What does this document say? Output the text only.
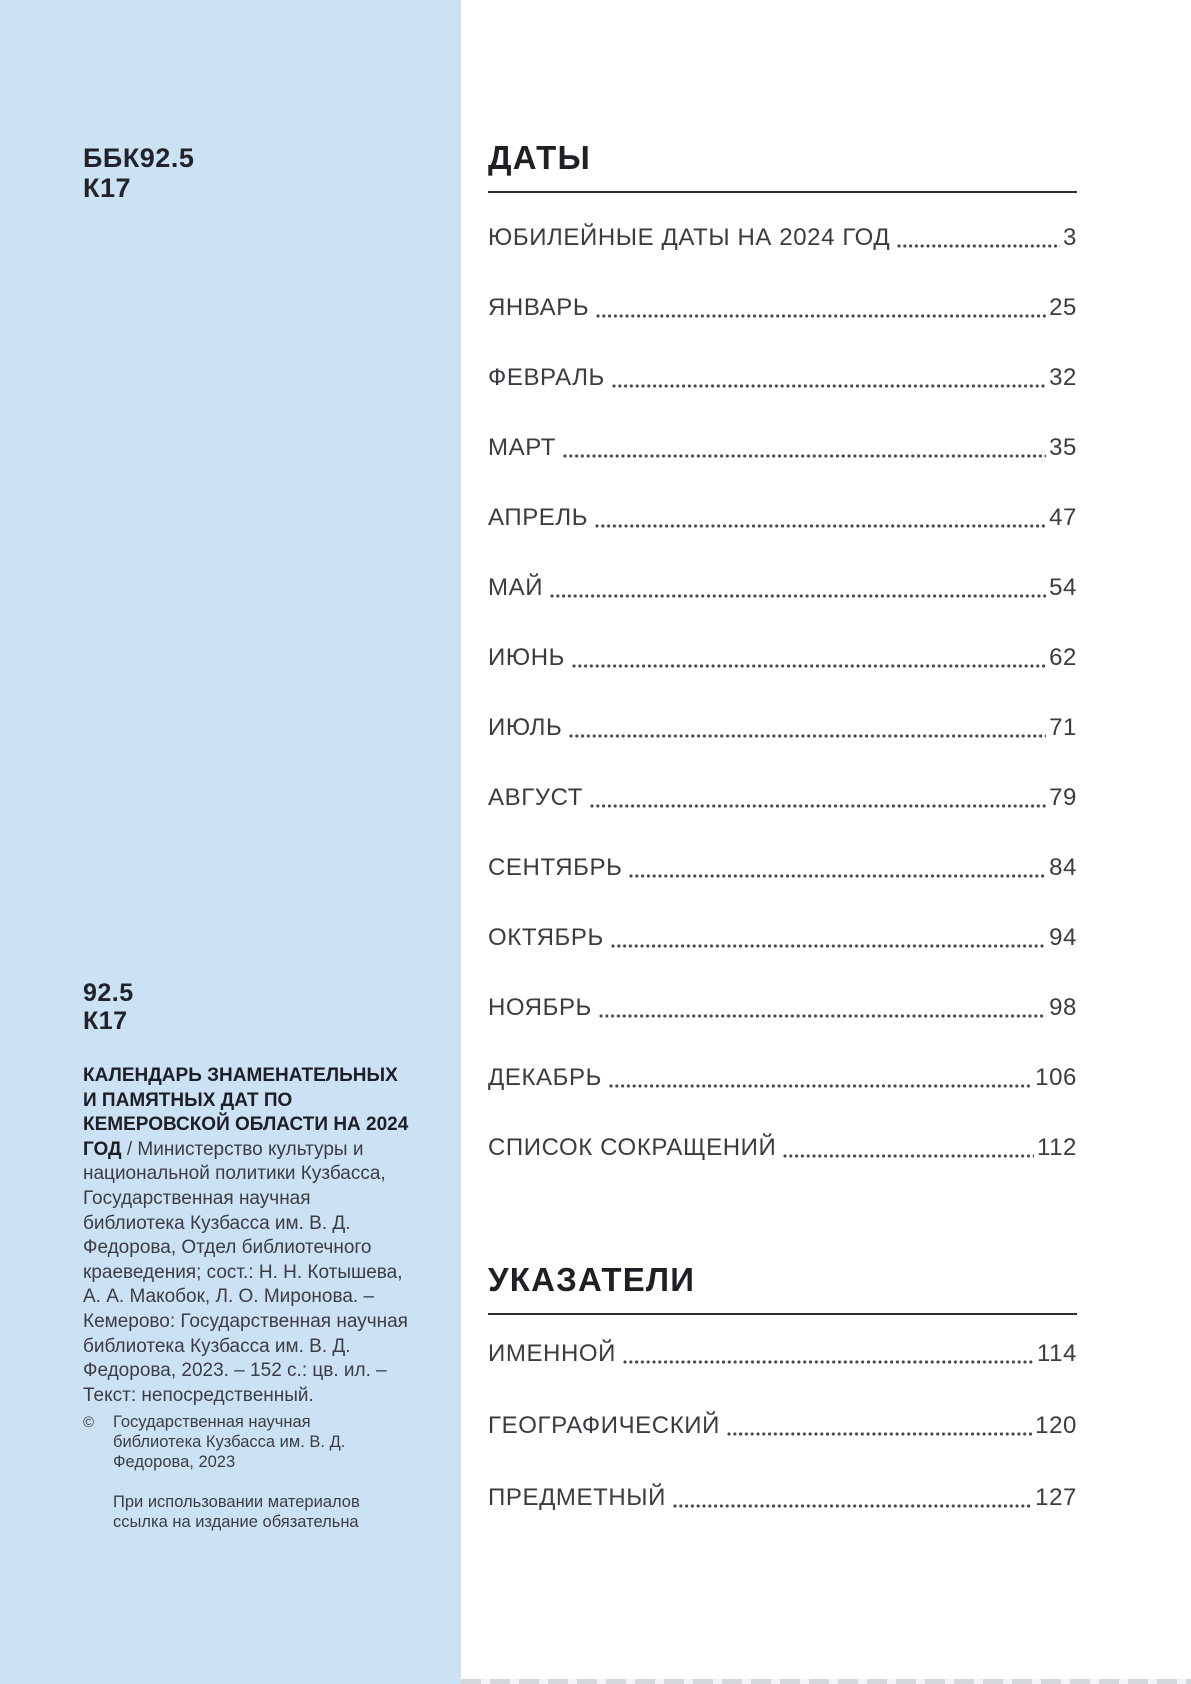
ББК92.5
К17
92.5
К17

КАЛЕНДАРЬ ЗНАМЕНАТЕЛЬНЫХ И ПАМЯТНЫХ ДАТ ПО КЕМЕРОВСКОЙ ОБЛАСТИ НА 2024 ГОД / Министерство культуры и национальной политики Кузбасса, Государственная научная библиотека Кузбасса им. В. Д. Федорова, Отдел библиотечного краеведения; сост.: Н. Н. Котышева, А. А. Макобок, Л. О. Миронова. – Кемерово: Государственная научная библиотека Кузбасса им. В. Д. Федорова, 2023. – 152 с.: цв. ил. – Текст: непосредственный.

©	Государственная научная библиотека Кузбасса им. В. Д. Федорова, 2023
При использовании материалов ссылка на издание обязательна
ДАТЫ
ЮБИЛЕЙНЫЕ ДАТЫ НА 2024 ГОД	3
ЯНВАРЬ	25
ФЕВРАЛЬ	32
МАРТ	35
АПРЕЛЬ	47
МАЙ	54
ИЮНЬ	62
ИЮЛЬ	71
АВГУСТ	79
СЕНТЯБРЬ	84
ОКТЯБРЬ	94
НОЯБРЬ	98
ДЕКАБРЬ	106
СПИСОК СОКРАЩЕНИЙ	112
УКАЗАТЕЛИ
ИМЕННОЙ	114
ГЕОГРАФИЧЕСКИЙ	120
ПРЕДМЕТНЫЙ	127
